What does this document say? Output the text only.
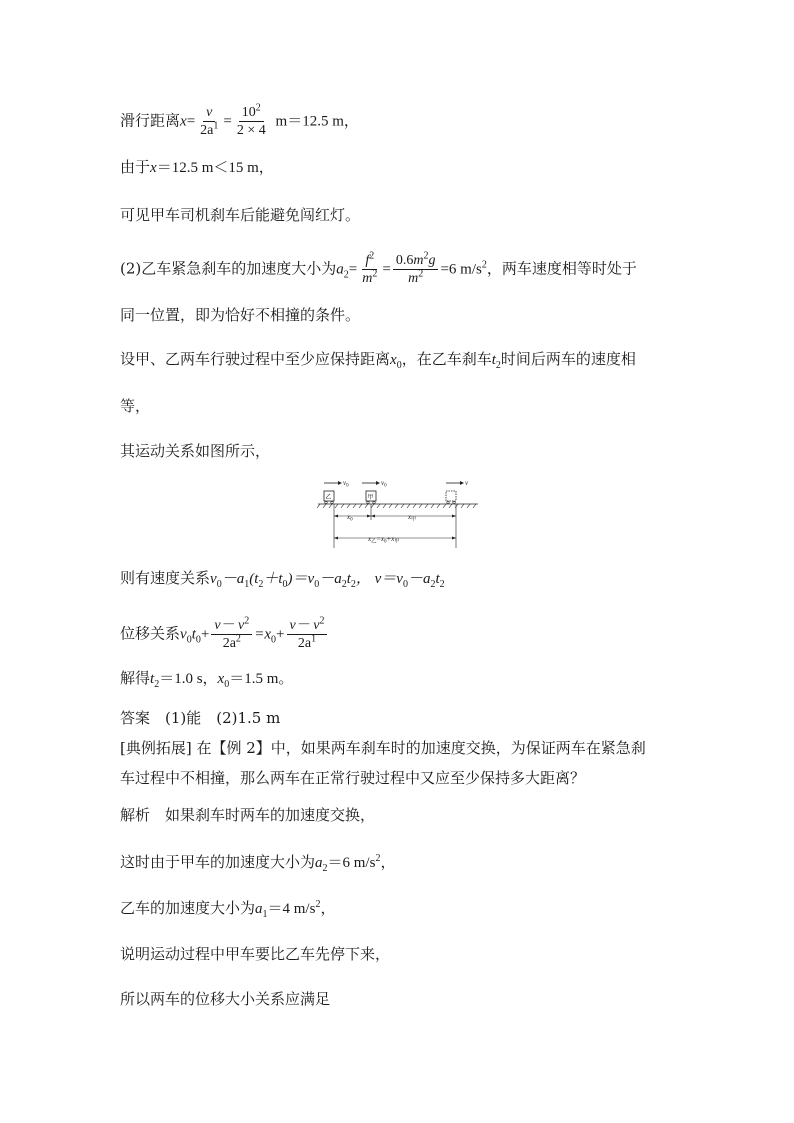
滑行距离$x= \frac{v}{2a^1} = \frac{10^2}{2 \times 4} m=12.5$ m，
由于x＝12.5 m＜15 m，
可见甲车司机刹车后能避免闯红灯。
(2)乙车紧急刹车的加速度大小为$a_2= \frac{f^2}{m^2} = \frac{0.6m^2g}{m^2} =6$ $m/s^2$，两车速度相等时处于
同一位置，即为恰好不相撞的条件。
设甲、乙两车行驶过程中至少应保持距离$x_0$，在乙车刹车$t_2$时间后两车的速度相
等，
其运动关系如图所示，
$v_0$	$v_0$	v
乙	甲
$x_0$	$x_甲$
$x_乙=x_0+x_甲$
则有速度关系$v_0-a_1(t_2+t_0)=v_0-a_2t_2$， $v=v_0-a_2t_2$
位移关系$v_0t_0+ \frac{v- v^2}{2a^2} =x_0+ \frac{v- v^2}{2a^1}$
解得$t_2=1.0$ s，$x_0=1.5$ m。
答案　(1)能　(2)1.5 m
[典例拓展] 在【例 2】中，如果两车刹车时的加速度交换，为保证两车在紧急刹
车过程中不相撞，那么两车在正常行驶过程中又应至少保持多大距离？
解析　如果刹车时两车的加速度交换，
这时由于甲车的加速度大小为$a_2=6$ $m/s^2$，
乙车的加速度大小为$a_1=4$ $m/s^2$，
说明运动过程中甲车要比乙车先停下来，
所以两车的位移大小关系应满足
